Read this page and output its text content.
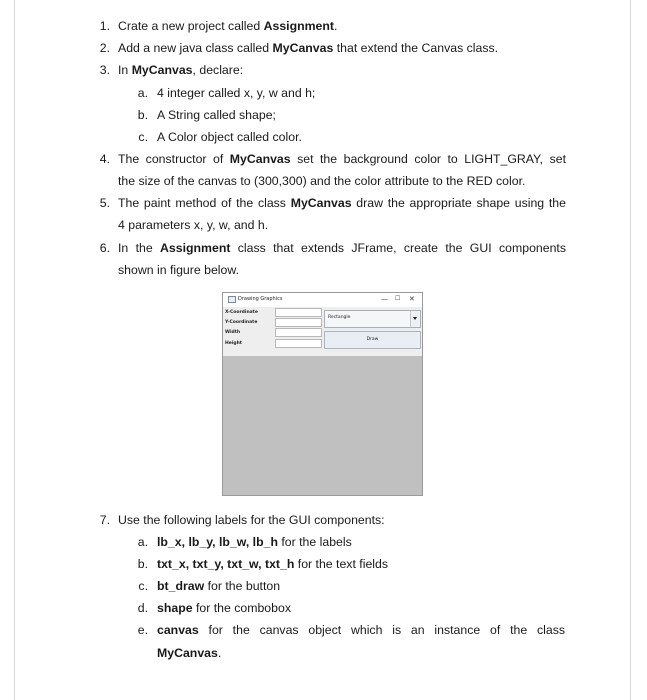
1. Crate a new project called Assignment.
2. Add a new java class called MyCanvas that extend the Canvas class.
3. In MyCanvas, declare:
a. 4 integer called x, y, w and h;
b. A String called shape;
c. A Color object called color.
4. The constructor of MyCanvas set the background color to LIGHT_GRAY, set
the size of the canvas to (300,300) and the color attribute to the RED color.
5. The paint method of the class MyCanvas draw the appropriate shape using the
4 parameters x, y, w, and h.
6. In the Assignment class that extends JFrame, create the GUI components
shown in figure below.
7. Use the following labels for the GUI components:
a. lb_x, lb_y, lb_w, lb_h for the labels
b. txt_x, txt_y, txt_w, txt_h for the text fields
c. bt_draw for the button
d. shape for the combobox
e. canvas for the canvas object which is an instance of the class
MyCanvas.
Drawing Graphics	— ☐ ✕
X-Coordinate
Y-Coordinate
Width
Height
Rectangle
Draw
